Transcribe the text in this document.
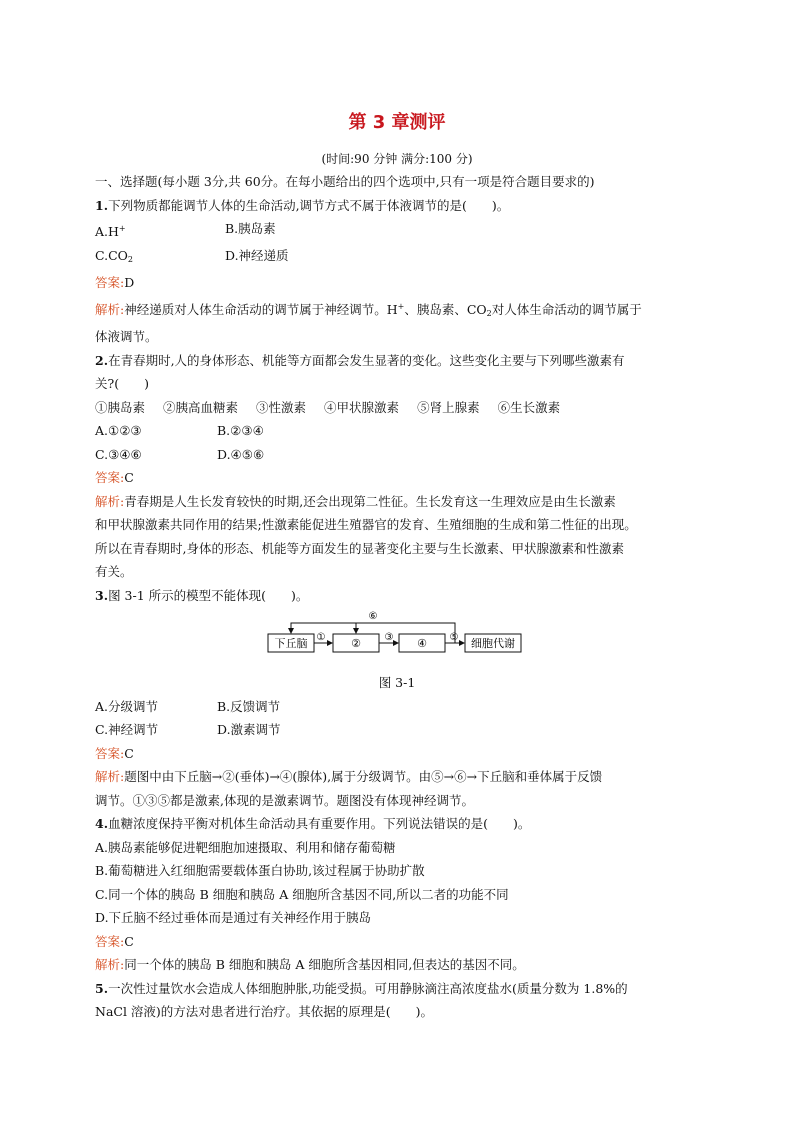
第 3 章测评
(时间:90 分钟 满分:100 分)
一、选择题(每小题 3分,共 60分。在每小题给出的四个选项中,只有一项是符合题目要求的)
1.下列物质都能调节人体的生命活动,调节方式不属于体液调节的是(　　)。
A.H+	B.胰岛素
$C.CO_2$	D.神经递质
答案:D
解析:神经递质对人体生命活动的调节属于神经调节。H+、胰岛素、$CO_2$对人体生命活动的调节属于
体液调节。
2.在青春期时,人的身体形态、机能等方面都会发生显著的变化。这些变化主要与下列哪些激素有
关?(　　)
①胰岛素 ②胰高血糖素 ③性激素 ④甲状腺激素 ⑤肾上腺素 ⑥生长激素
A.①②③	B.②③④
C.③④⑥	D.④⑤⑥
答案:C
解析:青春期是人生长发育较快的时期,还会出现第二性征。生长发育这一生理效应是由生长激素
和甲状腺激素共同作用的结果;性激素能促进生殖器官的发育、生殖细胞的生成和第二性征的出现。
所以在青春期时,身体的形态、机能等方面发生的显著变化主要与生长激素、甲状腺激素和性激素
有关。
3.图 3-1 所示的模型不能体现(　　)。
下丘脑	②	④	细胞代谢
①	③	⑤
⑥
图 3-1
A.分级调节	B.反馈调节
C.神经调节	D.激素调节
答案:C
解析:题图中由下丘脑→②(垂体)→④(腺体),属于分级调节。由⑤→⑥→下丘脑和垂体属于反馈
调节。①③⑤都是激素,体现的是激素调节。题图没有体现神经调节。
4.血糖浓度保持平衡对机体生命活动具有重要作用。下列说法错误的是(　　)。
A.胰岛素能够促进靶细胞加速摄取、利用和储存葡萄糖
B.葡萄糖进入红细胞需要载体蛋白协助,该过程属于协助扩散
C.同一个体的胰岛 B 细胞和胰岛 A 细胞所含基因不同,所以二者的功能不同
D.下丘脑不经过垂体而是通过有关神经作用于胰岛
答案:C
解析:同一个体的胰岛 B 细胞和胰岛 A 细胞所含基因相同,但表达的基因不同。
5.一次性过量饮水会造成人体细胞肿胀,功能受损。可用静脉滴注高浓度盐水(质量分数为 1.8%的
NaCl 溶液)的方法对患者进行治疗。其依据的原理是(　　)。
